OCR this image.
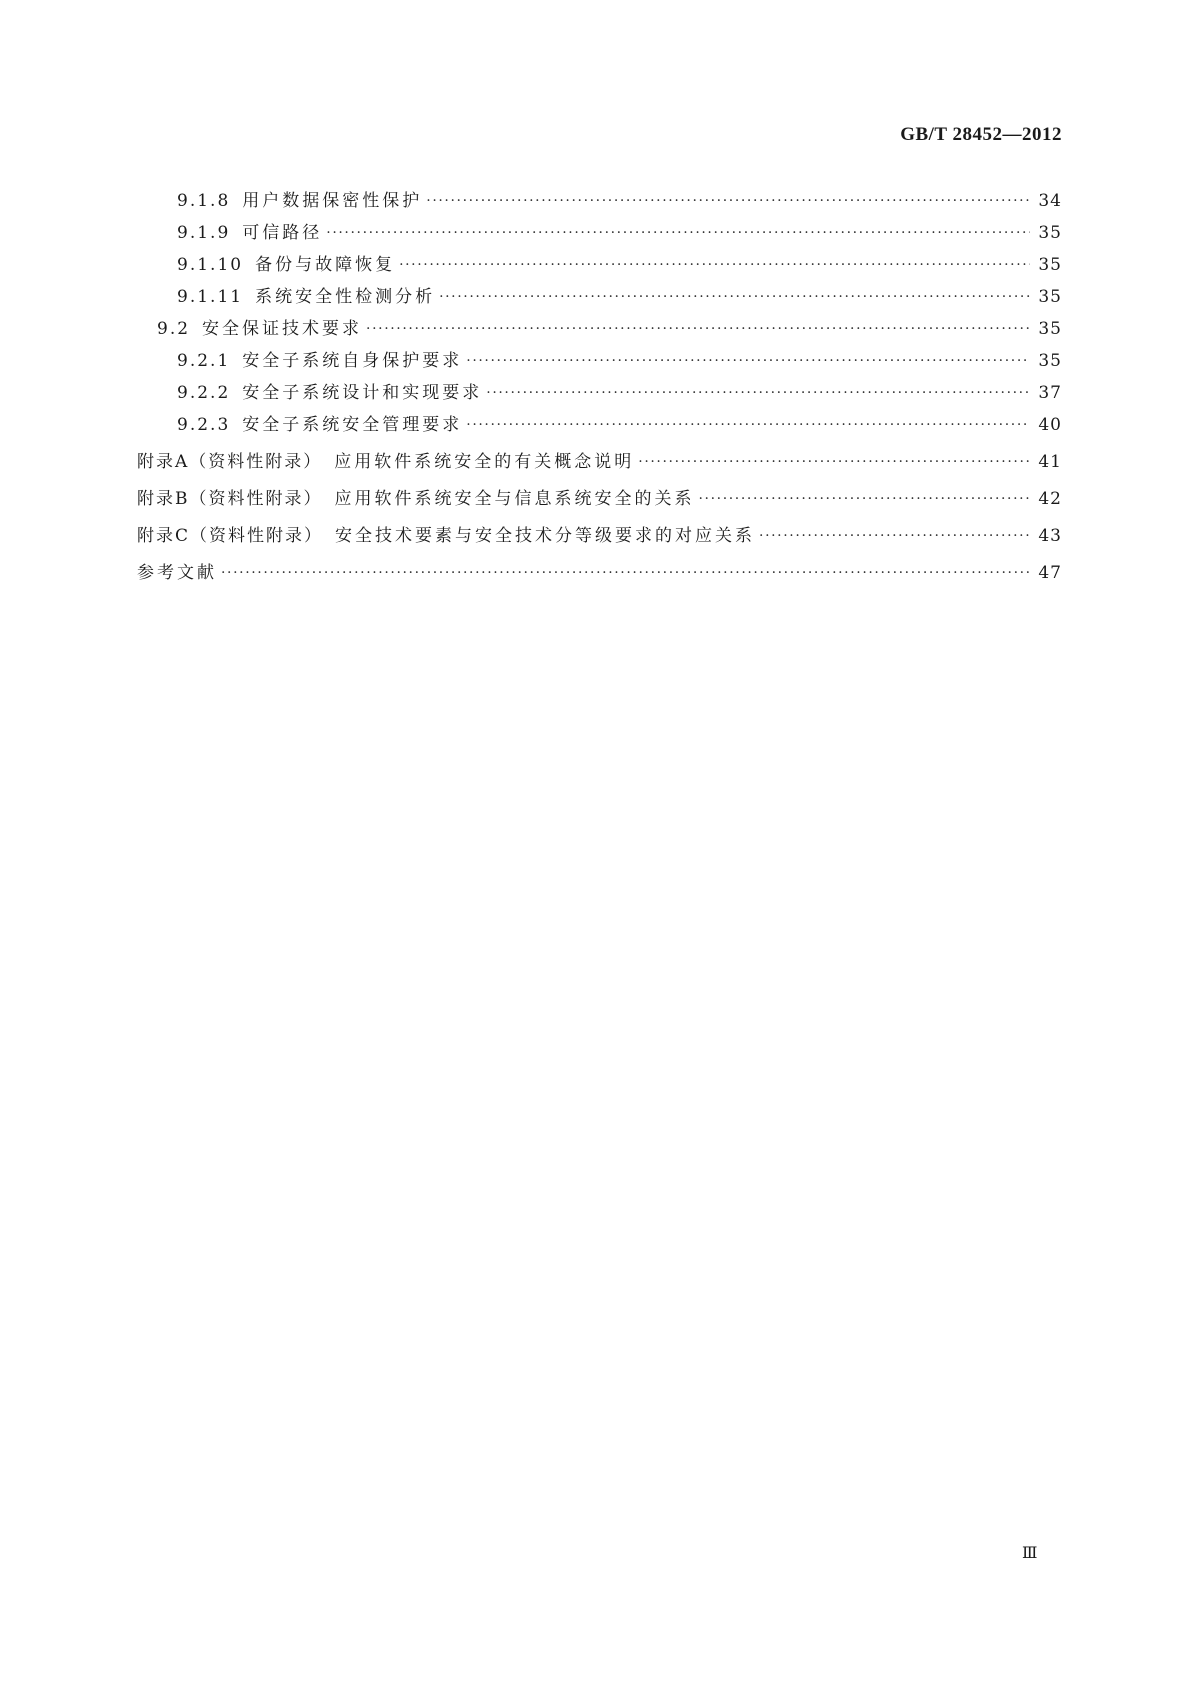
GB/T 28452—2012
9.1.8 用户数据保密性保护 ·····	34
9.1.9 可信路径 ·····	35
9.1.10 备份与故障恢复 ·····	35
9.1.11 系统安全性检测分析 ·····	35
9.2 安全保证技术要求 ·····	35
9.2.1 安全子系统自身保护要求 ·····	35
9.2.2 安全子系统设计和实现要求 ·····	37
9.2.3 安全子系统安全管理要求 ·····	40
附录A（资料性附录） 应用软件系统安全的有关概念说明 ·····	41
附录B（资料性附录） 应用软件系统安全与信息系统安全的关系 ·····	42
附录C（资料性附录） 安全技术要素与安全技术分等级要求的对应关系 ·····	43
参考文献 ·····	47
Ⅲ
